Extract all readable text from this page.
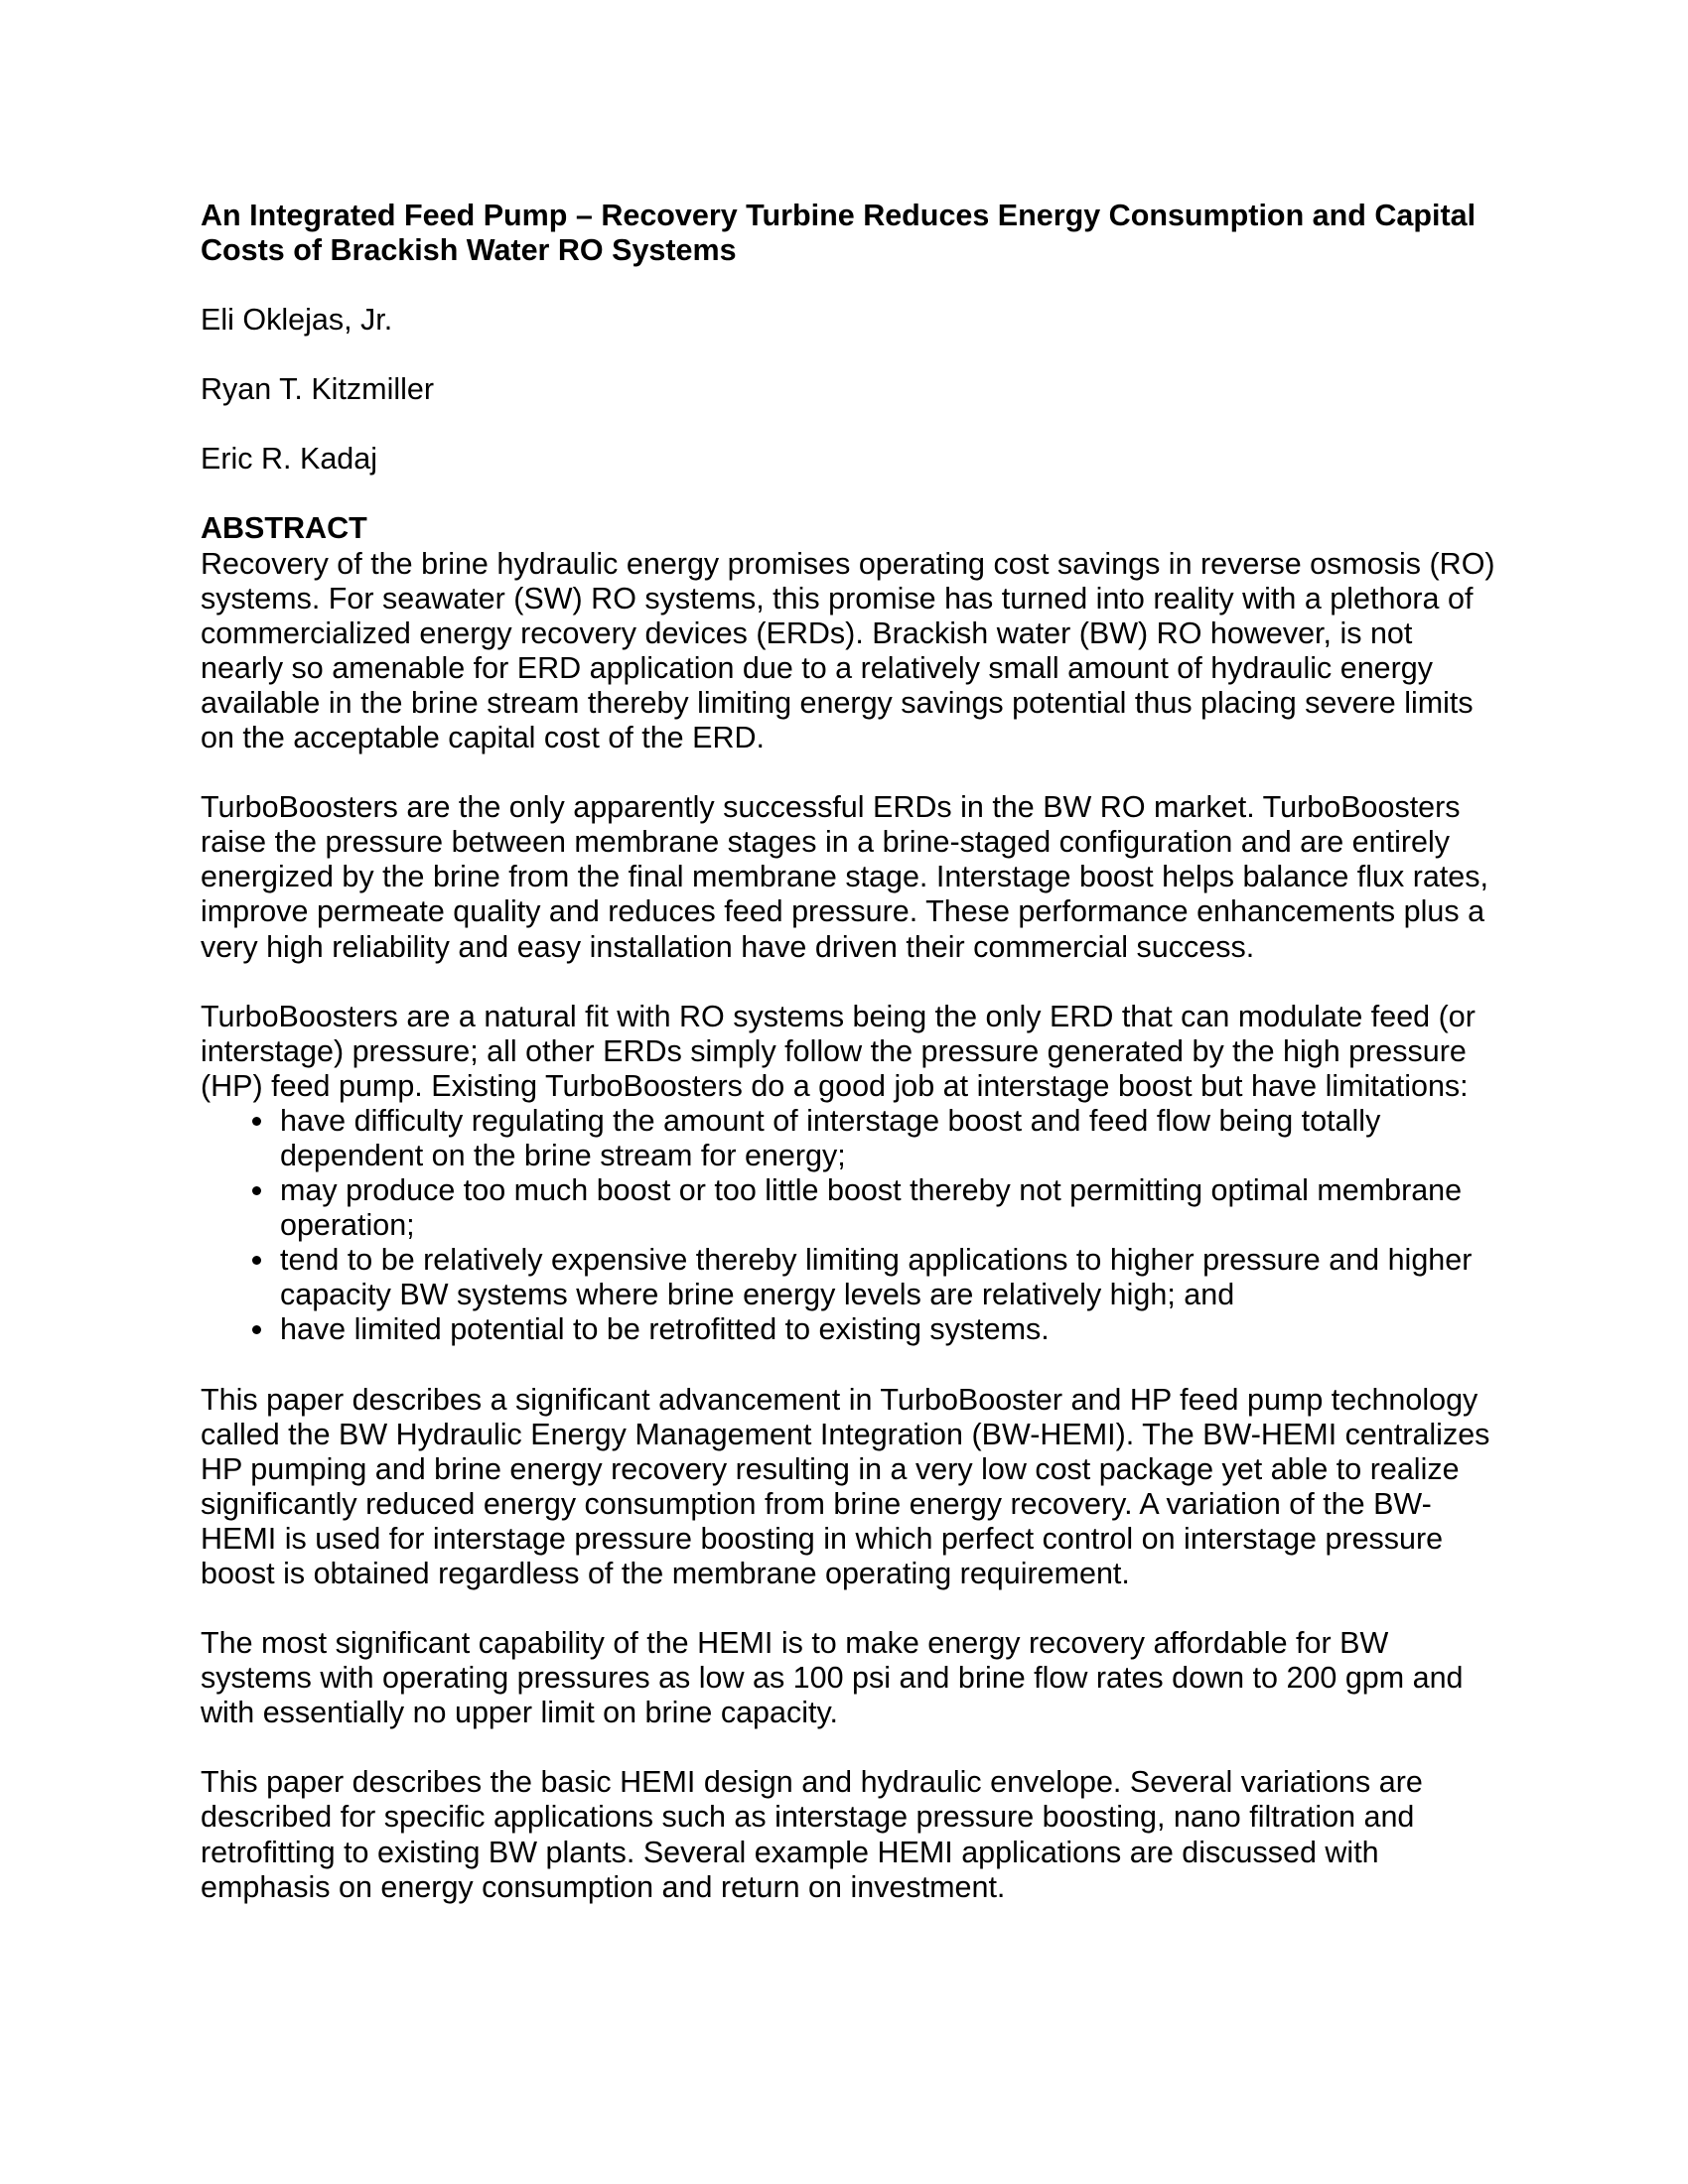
An Integrated Feed Pump – Recovery Turbine Reduces Energy Consumption and Capital Costs of Brackish Water RO Systems
Eli Oklejas, Jr.
Ryan T. Kitzmiller
Eric R. Kadaj
ABSTRACT

Recovery of the brine hydraulic energy promises operating cost savings in reverse osmosis (RO) systems. For seawater (SW) RO systems, this promise has turned into reality with a plethora of commercialized energy recovery devices (ERDs). Brackish water (BW) RO however, is not nearly so amenable for ERD application due to a relatively small amount of hydraulic energy available in the brine stream thereby limiting energy savings potential thus placing severe limits on the acceptable capital cost of the ERD.

TurboBoosters are the only apparently successful ERDs in the BW RO market. TurboBoosters raise the pressure between membrane stages in a brine-staged configuration and are entirely energized by the brine from the final membrane stage. Interstage boost helps balance flux rates, improve permeate quality and reduces feed pressure. These performance enhancements plus a very high reliability and easy installation have driven their commercial success.

TurboBoosters are a natural fit with RO systems being the only ERD that can modulate feed (or interstage) pressure; all other ERDs simply follow the pressure generated by the high pressure (HP) feed pump. Existing TurboBoosters do a good job at interstage boost but have limitations:

have difficulty regulating the amount of interstage boost and feed flow being totally dependent on the brine stream for energy;
may produce too much boost or too little boost thereby not permitting optimal membrane operation;
tend to be relatively expensive thereby limiting applications to higher pressure and higher capacity BW systems where brine energy levels are relatively high; and
have limited potential to be retrofitted to existing systems.

This paper describes a significant advancement in TurboBooster and HP feed pump technology called the BW Hydraulic Energy Management Integration (BW-HEMI). The BW-HEMI centralizes HP pumping and brine energy recovery resulting in a very low cost package yet able to realize significantly reduced energy consumption from brine energy recovery. A variation of the BW-HEMI is used for interstage pressure boosting in which perfect control on interstage pressure boost is obtained regardless of the membrane operating requirement.

The most significant capability of the HEMI is to make energy recovery affordable for BW systems with operating pressures as low as 100 psi and brine flow rates down to 200 gpm and with essentially no upper limit on brine capacity.

This paper describes the basic HEMI design and hydraulic envelope. Several variations are described for specific applications such as interstage pressure boosting, nano filtration and retrofitting to existing BW plants. Several example HEMI applications are discussed with emphasis on energy consumption and return on investment.
